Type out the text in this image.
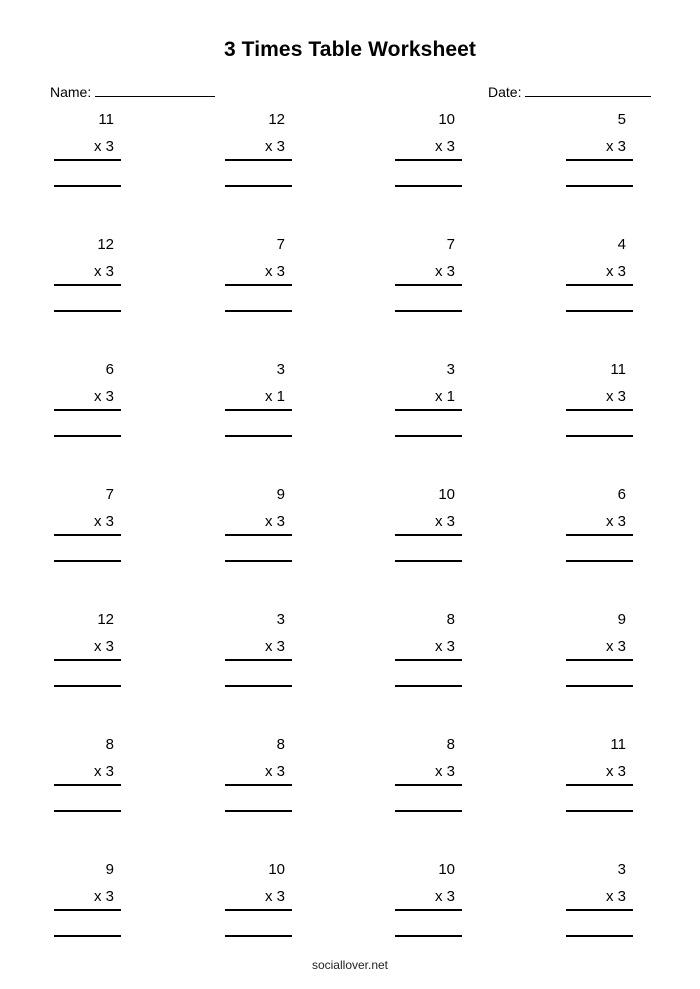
3 Times Table Worksheet
Name:	Date:
11
x 3
12
x 3
10
x 3
5
x 3
12
x 3
7
x 3
7
x 3
4
x 3
6
x 3
3
x 1
3
x 1
11
x 3
7
x 3
9
x 3
10
x 3
6
x 3
12
x 3
3
x 3
8
x 3
9
x 3
8
x 3
8
x 3
8
x 3
11
x 3
9
x 3
10
x 3
10
x 3
3
x 3
sociallover.net
